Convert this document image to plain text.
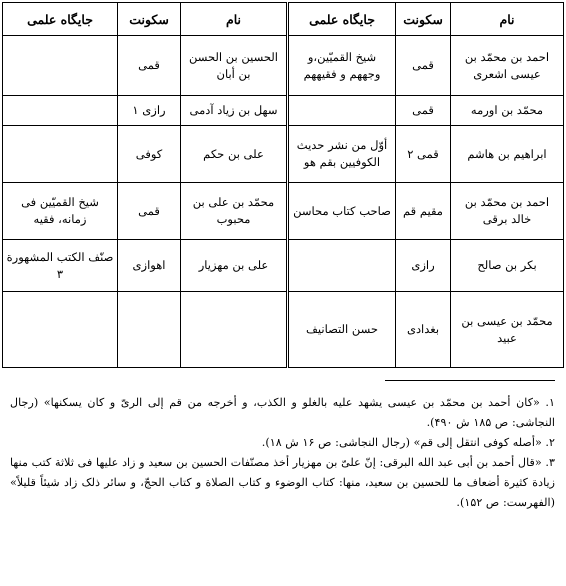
نام	سکونت	جایگاه علمی	نام	سکونت	جایگاه علمی
احمد بن محمّد بن عیسی اشعری	قمی	شیخ القمیّین،و وجههم و فقیههم	الحسین بن الحسن بن أبان	قمی	
محمّد بن اورمه	قمی		سهل بن زیاد آدمی	رازی ۱	
ابراهیم بن هاشم	قمی ۲	أوّل من نشر حدیث الکوفیین بقم هو	علی بن حکم	کوفی	
احمد بن محمّد بن خالد برقی	مقیم قم	صاحب کتاب محاسن	محمّد بن علی بن محبوب	قمی	شیخ القمیّین فی زمانه، فقیه
بکر بن صالح	رازی		علی بن مهزیار	اهوازی	صنّف الکتب المشهورة ۳
محمّد بن عیسی بن عبید	بغدادی	حسن التصانیف			

۱. «کان أحمد بن محمّد بن عیسی یشهد علیه بالغلو و الکذب، و أخرجه من قم إلی الریّ و کان یسکنها» (رجال النجاشی: ص ۱۸۵ ش ۴۹۰).

۲. «أصله کوفی انتقل إلی قم» (رجال النجاشی: ص ۱۶ ش ۱۸).

۳. «قال أحمد بن أبی عبد الله البرقی: إنّ علیّ بن مهزیار أخذ مصنّفات الحسین بن سعید و زاد علیها فی ثلاثة کتب منها زیادة کثیرة أضعاف ما للحسین بن سعید، منها: کتاب الوضوء و کتاب الصلاة و کتاب الحجّ، و سائر ذلک زاد شیئاً قلیلاً» (الفهرست: ص ۱۵۲).
